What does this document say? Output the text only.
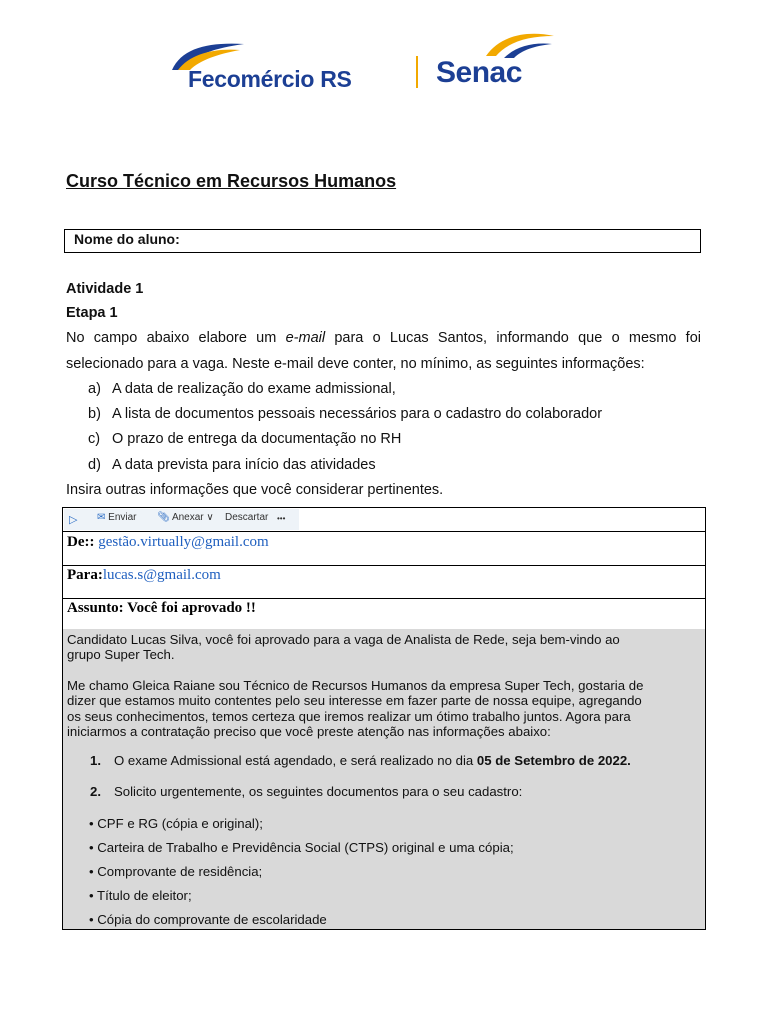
Fecomércio RS	Senac
Curso Técnico em Recursos Humanos
Nome do aluno:
Atividade 1
Etapa 1
No campo abaixo elabore um e-mail para o Lucas Santos, informando que o mesmo foi
selecionado para a vaga. Neste e-mail deve conter, no mínimo, as seguintes informações:
a) A data de realização do exame admissional,
b) A lista de documentos pessoais necessários para o cadastro do colaborador
c) O prazo de entrega da documentação no RH
d) A data prevista para início das atividades
Insira outras informações que você considerar pertinentes.
▷ ✉ Enviar 📎︎ Anexar ∨ Descartar •••
De:: gestão.virtually@gmail.com
Para:lucas.s@gmail.com
Assunto: Você foi aprovado !!
Candidato Lucas Silva, você foi aprovado para a vaga de Analista de Rede, seja bem-vindo ao
grupo Super Tech.
Me chamo Gleica Raiane sou Técnico de Recursos Humanos da empresa Super Tech, gostaria de
dizer que estamos muito contentes pelo seu interesse em fazer parte de nossa equipe, agregando
os seus conhecimentos, temos certeza que iremos realizar um ótimo trabalho juntos. Agora para
iniciarmos a contratação preciso que você preste atenção nas informações abaixo:
1. O exame Admissional está agendado, e será realizado no dia 05 de Setembro de 2022.
2. Solicito urgentemente, os seguintes documentos para o seu cadastro:
• CPF e RG (cópia e original);
• Carteira de Trabalho e Previdência Social (CTPS) original e uma cópia;
• Comprovante de residência;
• Título de eleitor;
• Cópia do comprovante de escolaridade
